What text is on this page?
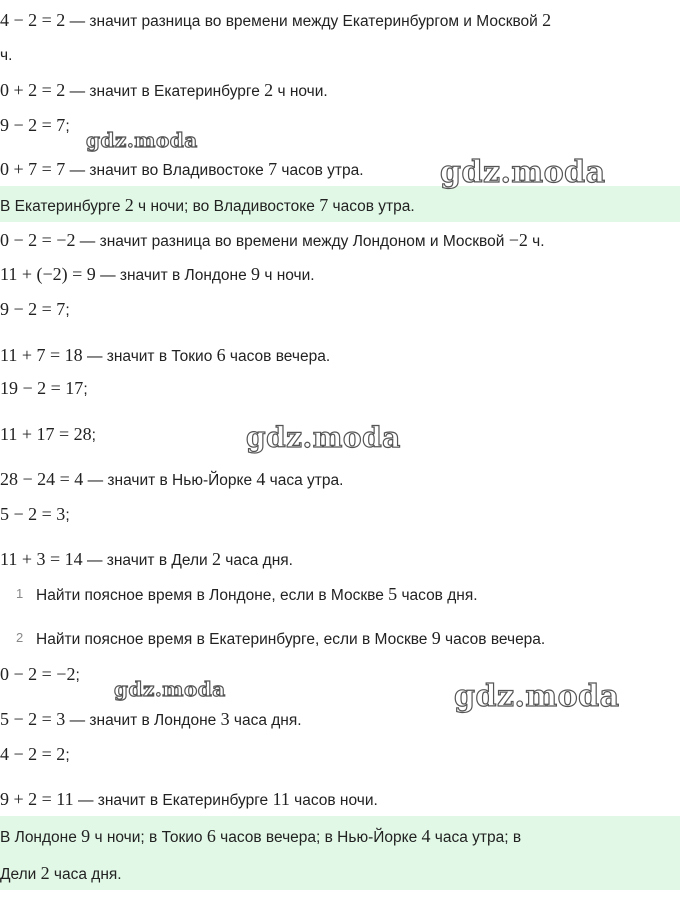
4 − 2 = 2 — значит разница во времени между Екатеринбургом и Москвой 2
ч.
0 + 2 = 2 — значит в Екатеринбурге 2 ч ночи.
9 − 2 = 7;
0 + 7 = 7 — значит во Владивостоке 7 часов утра.
В Екатеринбурге 2 ч ночи; во Владивостоке 7 часов утра.
0 − 2 = −2 — значит разница во времени между Лондоном и Москвой −2 ч.
11 + (−2) = 9 — значит в Лондоне 9 ч ночи.
9 − 2 = 7;
11 + 7 = 18 — значит в Токио 6 часов вечера.
19 − 2 = 17;
11 + 17 = 28;
28 − 24 = 4 — значит в Нью-Йорке 4 часа утра.
5 − 2 = 3;
11 + 3 = 14 — значит в Дели 2 часа дня.
1 Найти поясное время в Лондоне, если в Москве 5 часов дня.
2 Найти поясное время в Екатеринбурге, если в Москве 9 часов вечера.
0 − 2 = −2;
5 − 2 = 3 — значит в Лондоне 3 часа дня.
4 − 2 = 2;
9 + 2 = 11 — значит в Екатеринбурге 11 часов ночи.
В Лондоне 9 ч ночи; в Токио 6 часов вечера; в Нью-Йорке 4 часа утра; в
Дели 2 часа дня.
gdz.moda
gdz.moda
gdz.moda
gdz.moda	gdz.moda
